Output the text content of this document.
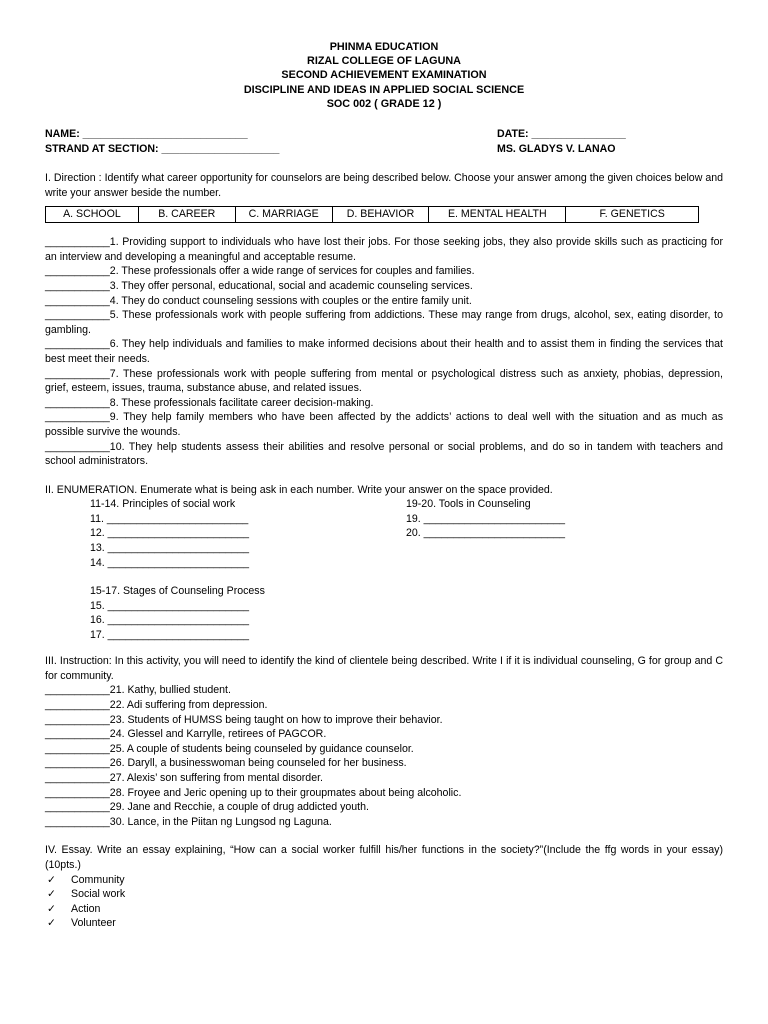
PHINMA EDUCATION
RIZAL COLLEGE OF LAGUNA
SECOND ACHIEVEMENT EXAMINATION
DISCIPLINE AND IDEAS IN APPLIED SOCIAL SCIENCE
SOC 002 ( GRADE 12 )
NAME: ____________________________
STRAND AT SECTION: ____________________
DATE: ________________
MS. GLADYS V. LANAO

I. Direction : Identify what career opportunity for counselors are being described below. Choose your answer among the given choices below and write your answer beside the number.

A. SCHOOL	B. CAREER	C. MARRIAGE	D. BEHAVIOR	E. MENTAL HEALTH	F. GENETICS

___________1. Providing support to individuals who have lost their jobs. For those seeking jobs, they also provide skills such as practicing for an interview and developing a meaningful and acceptable resume.

___________2. These professionals offer a wide range of services for couples and families.

___________3. They offer personal, educational, social and academic counseling services.

___________4. They do conduct counseling sessions with couples or the entire family unit.

___________5. These professionals work with people suffering from addictions. These may range from drugs, alcohol, sex, eating disorder, to gambling.

___________6. They help individuals and families to make informed decisions about their health and to assist them in finding the services that best meet their needs.

___________7. These professionals work with people suffering from mental or psychological distress such as anxiety, phobias, depression, grief, esteem, issues, trauma, substance abuse, and related issues.

___________8. These professionals facilitate career decision-making.

___________9. They help family members who have been affected by the addicts’ actions to deal well with the situation and as much as possible survive the wounds.

___________10. They help students assess their abilities and resolve personal or social problems, and do so in tandem with teachers and school administrators.

II. ENUMERATION. Enumerate what is being ask in each number. Write your answer on the space provided.

11-14. Principles of social work
11. ________________________
12. ________________________
13. ________________________
14. ________________________
19-20. Tools in Counseling
19. ________________________
20. ________________________
15-17. Stages of Counseling Process
15. ________________________
16. ________________________
17. ________________________

III. Instruction: In this activity, you will need to identify the kind of clientele being described. Write I if it is individual counseling, G for group and C for community.

___________21. Kathy, bullied student.

___________22. Adi suffering from depression.

___________23. Students of HUMSS being taught on how to improve their behavior.

___________24. Glessel and Karrylle, retirees of PAGCOR.

___________25. A couple of students being counseled by guidance counselor.

___________26. Daryll, a businesswoman being counseled for her business.

___________27. Alexis’ son suffering from mental disorder.

___________28. Froyee and Jeric opening up to their groupmates about being alcoholic.

___________29. Jane and Recchie, a couple of drug addicted youth.

___________30. Lance, in the Piitan ng Lungsod ng Laguna.

IV. Essay. Write an essay explaining, “How can a social worker fulfill his/her functions in the society?”(Include the ffg words in your essay) (10pts.)

✓ Community
✓ Social work
✓ Action
✓ Volunteer
